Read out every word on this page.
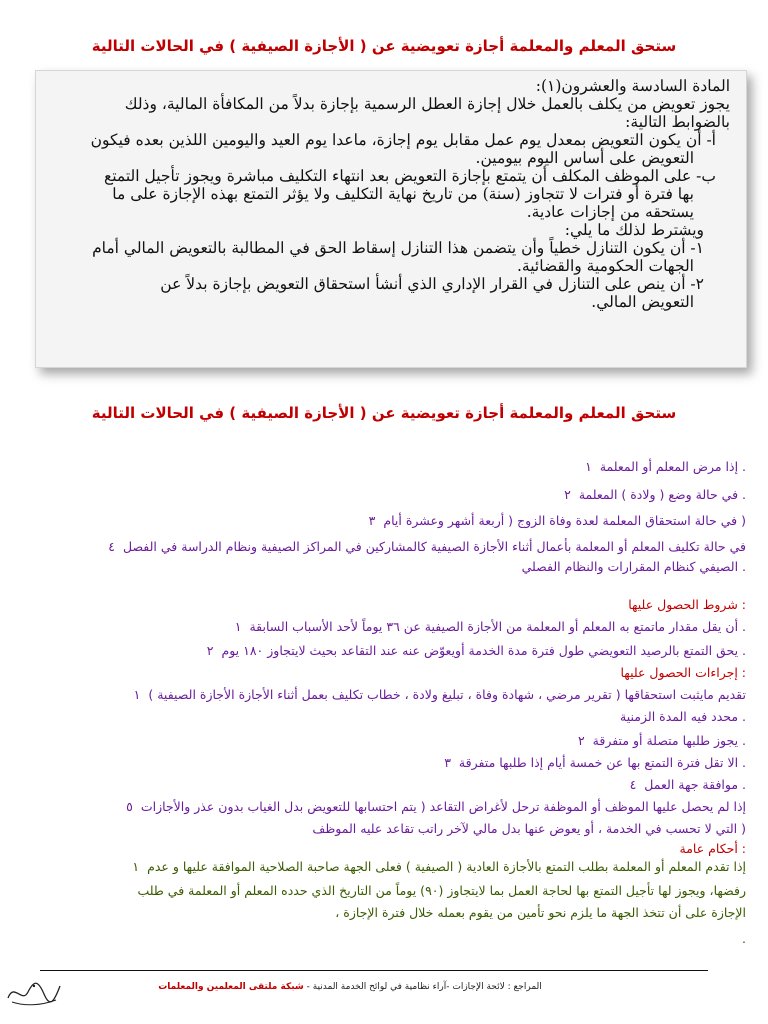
ستحق المعلم والمعلمة أجازة تعويضية عن ( الأجازة الصيفية ) في الحالات التالية
المادة السادسة والعشرون(١):
يجوز تعويض من يكلف بالعمل خلال إجازة العطل الرسمية بإجازة بدلاً من المكافأة المالية، وذلك
بالضوابط التالية:
أ- أن يكون التعويض بمعدل يوم عمل مقابل يوم إجازة، ماعدا يوم العيد واليومين اللذين بعده فيكون
التعويض على أساس اليوم بيومين.
ب- على الموظف المكلف أن يتمتع بإجازة التعويض بعد انتهاء التكليف مباشرة ويجوز تأجيل التمتع
بها فترة أو فترات لا تتجاوز (سنة) من تاريخ نهاية التكليف ولا يؤثر التمتع بهذه الإجازة على ما
يستحقه من إجازات عادية.
ويشترط لذلك ما يلي:
١- أن يكون التنازل خطياً وأن يتضمن هذا التنازل إسقاط الحق في المطالبة بالتعويض المالي أمام
الجهات الحكومية والقضائية.
٢- أن ينص على التنازل في القرار الإداري الذي أنشأ استحقاق التعويض بإجازة بدلاً عن
التعويض المالي.
ستحق المعلم والمعلمة أجازة تعويضية عن ( الأجازة الصيفية ) في الحالات التالية
. إذا مرض المعلم أو المعلمة ١
. في حالة وضع ( ولادة ) المعلمة ٢
( في حالة استحقاق المعلمة لعدة وفاة الزوج ( أربعة أشهر وعشرة أيام ٣
في حالة تكليف المعلم أو المعلمة بأعمال أثناء الأجازة الصيفية كالمشاركين في المراكز الصيفية ونظام الدراسة في الفصل ٤
. الصيفي كنظام المقرارات والنظام الفصلي
: شروط الحصول عليها
. أن يقل مقدار ماتمتع به المعلم أو المعلمة من الأجازة الصيفية عن ٣٦ يوماً لأحد الأسباب السابقة ١
. يحق التمتع بالرصيد التعويضي طول فترة مدة الخدمة أويعوّض عنه عند التقاعد بحيث لايتجاوز ١٨٠ يوم ٢
: إجراءات الحصول عليها
تقديم مايثبت استحقاقها ( تقرير مرضي ، شهادة وفاة ، تبليغ ولادة ، خطاب تكليف بعمل أثناء الأجازة الأجازة الصيفية ) ١
. محدد فيه المدة الزمنية
. يجوز طلبها متصلة أو متفرقة ٢
. الا تقل فترة التمتع بها عن خمسة أيام إذا طلبها متفرقة ٣
. موافقة جهة العمل ٤
إذا لم يحصل عليها الموظف أو الموظفة ترحل لأغراض التقاعد ( يتم احتسابها للتعويض بدل الغياب بدون عذر والأجازات ٥
( التي لا تحسب في الخدمة ، أو يعوض عنها بدل مالي لآخر راتب تقاعد عليه الموظف
: أحكام عامة
إذا تقدم المعلم أو المعلمة بطلب التمتع بالأجازة العادية ( الصيفية ) فعلى الجهة صاحبة الصلاحية الموافقة عليها و عدم ١
رفضها، ويجوز لها تأجيل التمتع بها لحاجة العمل بما لايتجاوز (٩٠) يوماً من التاريخ الذي حدده المعلم أو المعلمة في طلب
الإجازة على أن تتخذ الجهة ما يلزم نحو تأمين من يقوم بعمله خلال فترة الإجازة ،
.
المراجع : لائحة الإجازات -آراء نظامية في لوائح الخدمة المدنية - شبكة ملتقى المعلمين والمعلمات
